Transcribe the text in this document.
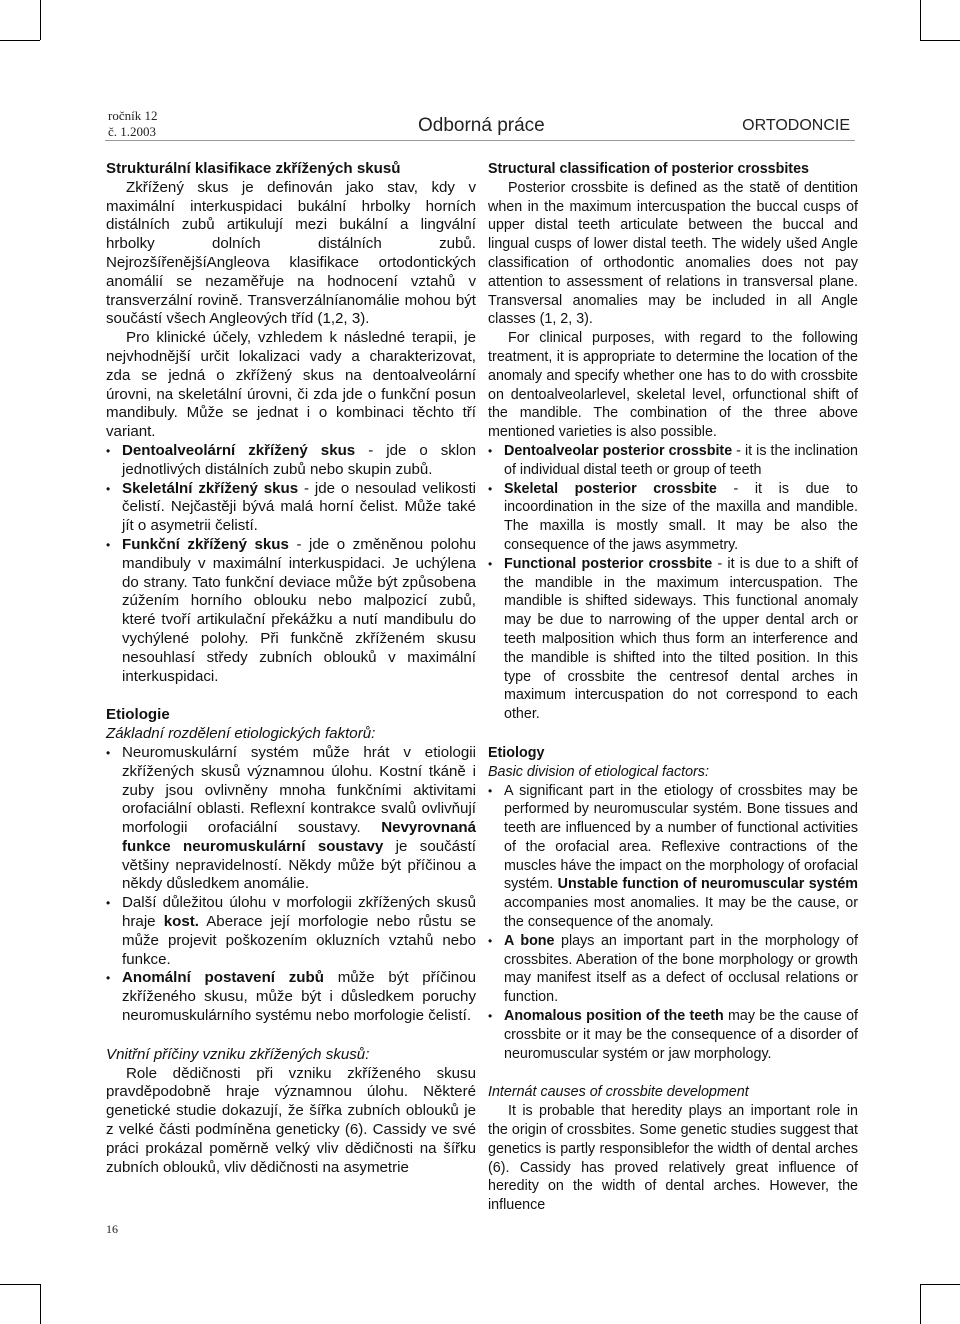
ročník 12
č. 1.2003	Odborná práce	ORTODONCIE

Strukturální klasifikace zkřížených skusů

Zkřížený skus je definován jako stav, kdy v maximální interkuspidaci bukální hrbolky horních distálních zubů artikulují mezi bukální a lingvální hrbolky dolních distálních zubů. NejrozšířenějšíAngleova klasifikace ortodontických anomálií se nezaměřuje na hodnocení vztahů v transverzální rovině. Transverzálníanomálie mohou být součástí všech Angleových tříd (1,2, 3).

Pro klinické účely, vzhledem k následné terapii, je nejvhodnější určit lokalizaci vady a charakterizovat, zda se jedná o zkřížený skus na dentoalveolární úrovni, na skeletální úrovni, či zda jde o funkční posun mandibuly. Může se jednat i o kombinaci těchto tří variant.

• Dentoalveolární zkřížený skus - jde o sklon jednotlivých distálních zubů nebo skupin zubů.
• Skeletální zkřížený skus - jde o nesoulad velikosti čelistí. Nejčastěji bývá malá horní čelist. Může také jít o asymetrii čelistí.
• Funkční zkřížený skus - jde o změněnou polohu mandibuly v maximální interkuspidaci. Je uchýlena do strany. Tato funkční deviace může být způsobena zúžením horního oblouku nebo malpozicí zubů, které tvoří artikulační překážku a nutí mandibulu do vychýlené polohy. Při funkčně zkříženém skusu nesouhlasí středy zubních oblouků v maximální interkuspidaci.

Etiologie

Základní rozdělení etiologických faktorů:

• Neuromuskulární systém může hrát v etiologii zkřížených skusů významnou úlohu. Kostní tkáně i zuby jsou ovlivněny mnoha funkčními aktivitami orofaciální oblasti. Reflexní kontrakce svalů ovlivňují morfologii orofaciální soustavy. Nevyrovnaná funkce neuromuskulární soustavy je součástí většiny nepravidelností. Někdy může být příčinou a někdy důsledkem anomálie.
• Další důležitou úlohu v morfologii zkřížených skusů hraje kost. Aberace její morfologie nebo růstu se může projevit poškozením okluzních vztahů nebo funkce.
• Anomální postavení zubů může být příčinou zkříženého skusu, může být i důsledkem poruchy neuromuskulárního systému nebo morfologie čelistí.

Vnitřní příčiny vzniku zkřížených skusů:

Role dědičnosti při vzniku zkříženého skusu pravděpodobně hraje významnou úlohu. Některé genetické studie dokazují, že šířka zubních oblouků je z velké části podmíněna geneticky (6). Cassidy ve své práci prokázal poměrně velký vliv dědičnosti na šířku zubních oblouků, vliv dědičnosti na asymetrie

Structural classification of posterior crossbites

Posterior crossbite is defined as the statě of dentition when in the maximum intercuspation the buccal cusps of upper distal teeth articulate between the buccal and lingual cusps of lower distal teeth. The widely ušed Angle classification of orthodontic anomalies does not pay attention to assessment of relations in transversal plane. Transversal anomalies may be included in all Angle classes (1, 2, 3).

For clinical purposes, with regard to the following treatment, it is appropriate to determine the location of the anomaly and specify whether one has to do with crossbite on dentoalveolarlevel, skeletal level, orfunctional shift of the mandible. The combination of the three above mentioned varieties is also possible.

• Dentoalveolar posterior crossbite - it is the inclination of individual distal teeth or group of teeth
• Skeletal posterior crossbite - it is due to incoordination in the size of the maxilla and mandible. The maxilla is mostly small. It may be also the consequence of the jaws asymmetry.
• Functional posterior crossbite - it is due to a shift of the mandible in the maximum intercuspation. The mandible is shifted sideways. This functional anomaly may be due to narrowing of the upper dental arch or teeth malposition which thus form an interference and the mandible is shifted into the tilted position. In this type of crossbite the centresof dental arches in maximum intercuspation do not correspond to each other.

Etiology

Basic division of etiological factors:

• A significant part in the etiology of crossbites may be performed by neuromuscular systém. Bone tissues and teeth are influenced by a number of functional activities of the orofacial area. Reflexive contractions of the muscles háve the impact on the morphology of orofacial systém. Unstable function of neuromuscular systém accompanies most anomalies. It may be the cause, or the consequence of the anomaly.
• A bone plays an important part in the morphology of crossbites. Aberation of the bone morphology or growth may manifest itself as a defect of occlusal relations or function.
• Anomalous position of the teeth may be the cause of crossbite or it may be the consequence of a disorder of neuromuscular systém or jaw morphology.

Internát causes of crossbite development

It is probable that heredity plays an important role in the origin of crossbites. Some genetic studies suggest that genetics is partly responsiblefor the width of dental arches (6). Cassidy has proved relatively great influence of heredity on the width of dental arches. However, the influence

16
